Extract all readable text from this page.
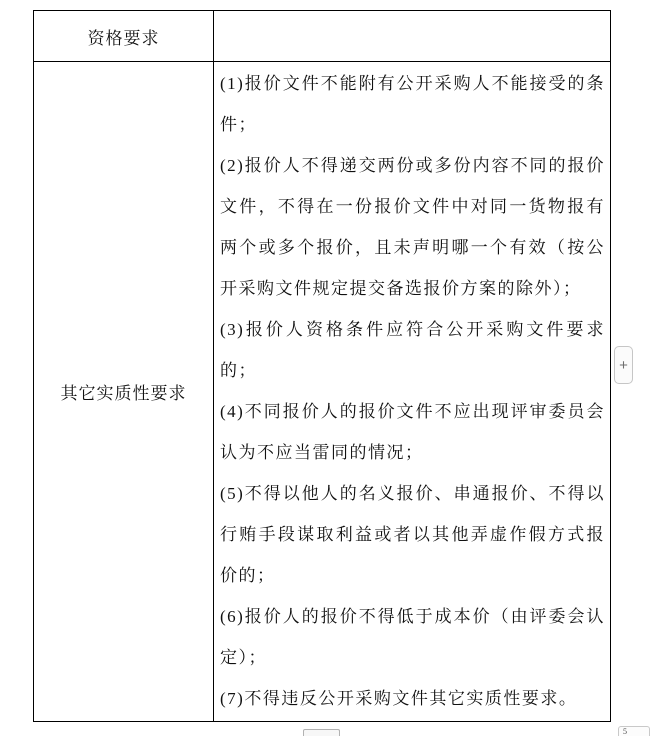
资格要求
其它实质性要求

(1)报价文件不能附有公开采购人不能接受的条件；

(2)报价人不得递交两份或多份内容不同的报价文件，不得在一份报价文件中对同一货物报有两个或多个报价，且未声明哪一个有效（按公开采购文件规定提交备选报价方案的除外）；

(3)报价人资格条件应符合公开采购文件要求的；

(4)不同报价人的报价文件不应出现评审委员会认为不应当雷同的情况；

(5)不得以他人的名义报价、串通报价、不得以行贿手段谋取利益或者以其他弄虚作假方式报价的；

(6)报价人的报价不得低于成本价（由评委会认定）；

(7)不得违反公开采购文件其它实质性要求。

+
5
